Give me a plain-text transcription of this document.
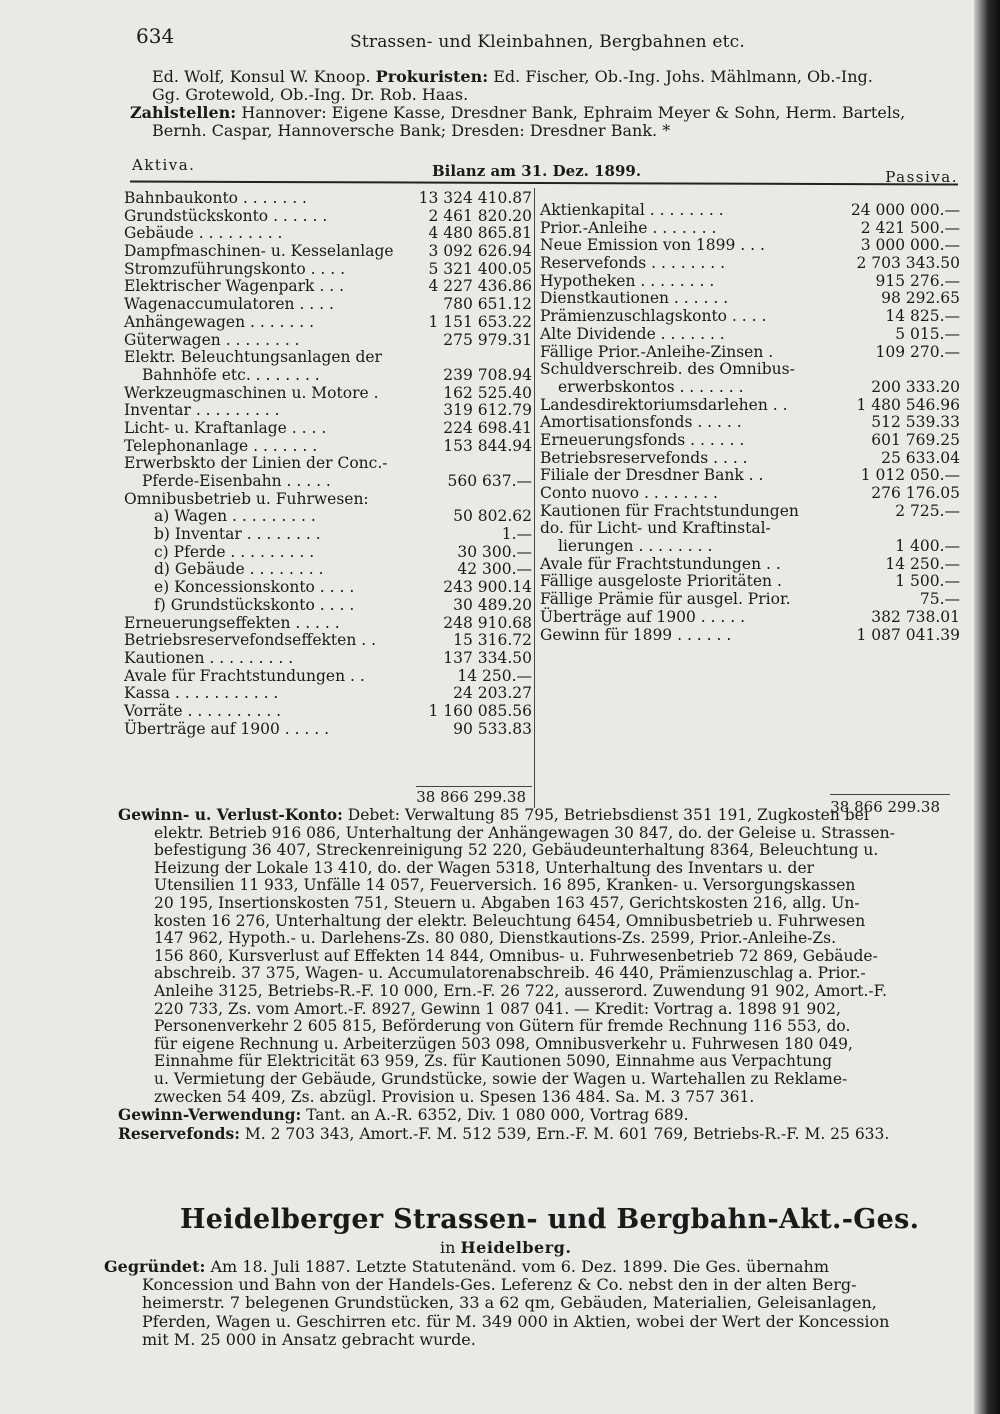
634	Strassen- und Kleinbahnen, Bergbahnen etc.
Ed. Wolf, Konsul W. Knoop. Prokuristen: Ed. Fischer, Ob.-Ing. Johs. Mählmann, Ob.-Ing.
Gg. Grotewold, Ob.-Ing. Dr. Rob. Haas.
Zahlstellen: Hannover: Eigene Kasse, Dresdner Bank, Ephraim Meyer & Sohn, Herm. Bartels,
Bernh. Caspar, Hannoversche Bank; Dresden: Dresdner Bank. *
Aktiva.	Bilanz am 31. Dez. 1899.	Passiva.
Bahnbaukonto . . . . . . .	13 324 410.87
Grundstückskonto . . . . . .	2 461 820.20
Gebäude . . . . . . . . .	4 480 865.81
Dampfmaschinen- u. Kesselanlage 3 092 626.94
Stromzuführungskonto . . . .	5 321 400.05
Elektrischer Wagenpark . . .	4 227 436.86
Wagenaccumulatoren . . . .	780 651.12
Anhängewagen . . . . . . .	1 151 653.22
Güterwagen . . . . . . . .	275 979.31
Elektr. Beleuchtungsanlagen der
Bahnhöfe etc. . . . . . . .	239 708.94
Werkzeugmaschinen u. Motore .	162 525.40
Inventar . . . . . . . . .	319 612.79
Licht- u. Kraftanlage . . . .	224 698.41
Telephonanlage . . . . . . .	153 844.94
Erwerbskto der Linien der Conc.-
Pferde-Eisenbahn . . . . .	560 637.—
Omnibusbetrieb u. Fuhrwesen:
a) Wagen . . . . . . . . .	50 802.62
b) Inventar . . . . . . . .	1.—
c) Pferde . . . . . . . . .	30 300.—
d) Gebäude . . . . . . . .	42 300.—
e) Koncessionskonto . . . .	243 900.14
f) Grundstückskonto . . . .	30 489.20
Erneuerungseffekten . . . . .	248 910.68
Betriebsreservefondseffekten . .	15 316.72
Kautionen . . . . . . . . .	137 334.50
Avale für Frachtstundungen . .	14 250.—
Kassa . . . . . . . . . . .	24 203.27
Vorräte . . . . . . . . . .	1 160 085.56
Überträge auf 1900 . . . . .	90 533.83
Aktienkapital . . . . . . . .	24 000 000.—
Prior.-Anleihe . . . . . . .	2 421 500.—
Neue Emission von 1899 . . .	3 000 000.—
Reservefonds . . . . . . . .	2 703 343.50
Hypotheken . . . . . . . .	915 276.—
Dienstkautionen . . . . . .	98 292.65
Prämienzuschlagskonto . . . .	14 825.—
Alte Dividende . . . . . . .	5 015.—
Fällige Prior.-Anleihe-Zinsen .	109 270.—
Schuldverschreib. des Omnibus-
erwerbskontos . . . . . . .	200 333.20
Landesdirektoriumsdarlehen . .	1 480 546.96
Amortisationsfonds . . . . .	512 539.33
Erneuerungsfonds . . . . . .	601 769.25
Betriebsreservefonds . . . .	25 633.04
Filiale der Dresdner Bank . .	1 012 050.—
Conto nuovo . . . . . . . .	276 176.05
Kautionen für Frachtstundungen	2 725.—
do. für Licht- und Kraftinstal-
lierungen . . . . . . . .	1 400.—
Avale für Frachtstundungen . .	14 250.—
Fällige ausgeloste Prioritäten .	1 500.—
Fällige Prämie für ausgel. Prior.	75.—
Überträge auf 1900 . . . . .	382 738.01
Gewinn für 1899 . . . . . .	1 087 041.39
38 866 299.38
38 866 299.38
Gewinn- u. Verlust-Konto: Debet: Verwaltung 85 795, Betriebsdienst 351 191, Zugkosten bei
elektr. Betrieb 916 086, Unterhaltung der Anhängewagen 30 847, do. der Geleise u. Strassen-
befestigung 36 407, Streckenreinigung 52 220, Gebäudeunterhaltung 8364, Beleuchtung u.
Heizung der Lokale 13 410, do. der Wagen 5318, Unterhaltung des Inventars u. der
Utensilien 11 933, Unfälle 14 057, Feuerversich. 16 895, Kranken- u. Versorgungskassen
20 195, Insertionskosten 751, Steuern u. Abgaben 163 457, Gerichtskosten 216, allg. Un-
kosten 16 276, Unterhaltung der elektr. Beleuchtung 6454, Omnibusbetrieb u. Fuhrwesen
147 962, Hypoth.- u. Darlehens-Zs. 80 080, Dienstkautions-Zs. 2599, Prior.-Anleihe-Zs.
156 860, Kursverlust auf Effekten 14 844, Omnibus- u. Fuhrwesenbetrieb 72 869, Gebäude-
abschreib. 37 375, Wagen- u. Accumulatorenabschreib. 46 440, Prämienzuschlag a. Prior.-
Anleihe 3125, Betriebs-R.-F. 10 000, Ern.-F. 26 722, ausserord. Zuwendung 91 902, Amort.-F.
220 733, Zs. vom Amort.-F. 8927, Gewinn 1 087 041. — Kredit: Vortrag a. 1898 91 902,
Personenverkehr 2 605 815, Beförderung von Gütern für fremde Rechnung 116 553, do.
für eigene Rechnung u. Arbeiterzügen 503 098, Omnibusverkehr u. Fuhrwesen 180 049,
Einnahme für Elektricität 63 959, Zs. für Kautionen 5090, Einnahme aus Verpachtung
u. Vermietung der Gebäude, Grundstücke, sowie der Wagen u. Wartehallen zu Reklame-
zwecken 54 409, Zs. abzügl. Provision u. Spesen 136 484. Sa. M. 3 757 361.
Gewinn-Verwendung: Tant. an A.-R. 6352, Div. 1 080 000, Vortrag 689.
Reservefonds: M. 2 703 343, Amort.-F. M. 512 539, Ern.-F. M. 601 769, Betriebs-R.-F. M. 25 633.
Heidelberger Strassen- und Bergbahn-Akt.-Ges.
in Heidelberg.
Gegründet: Am 18. Juli 1887. Letzte Statutenänd. vom 6. Dez. 1899. Die Ges. übernahm
Koncession und Bahn von der Handels-Ges. Leferenz & Co. nebst den in der alten Berg-
heimerstr. 7 belegenen Grundstücken, 33 a 62 qm, Gebäuden, Materialien, Geleisanlagen,
Pferden, Wagen u. Geschirren etc. für M. 349 000 in Aktien, wobei der Wert der Koncession
mit M. 25 000 in Ansatz gebracht wurde.
